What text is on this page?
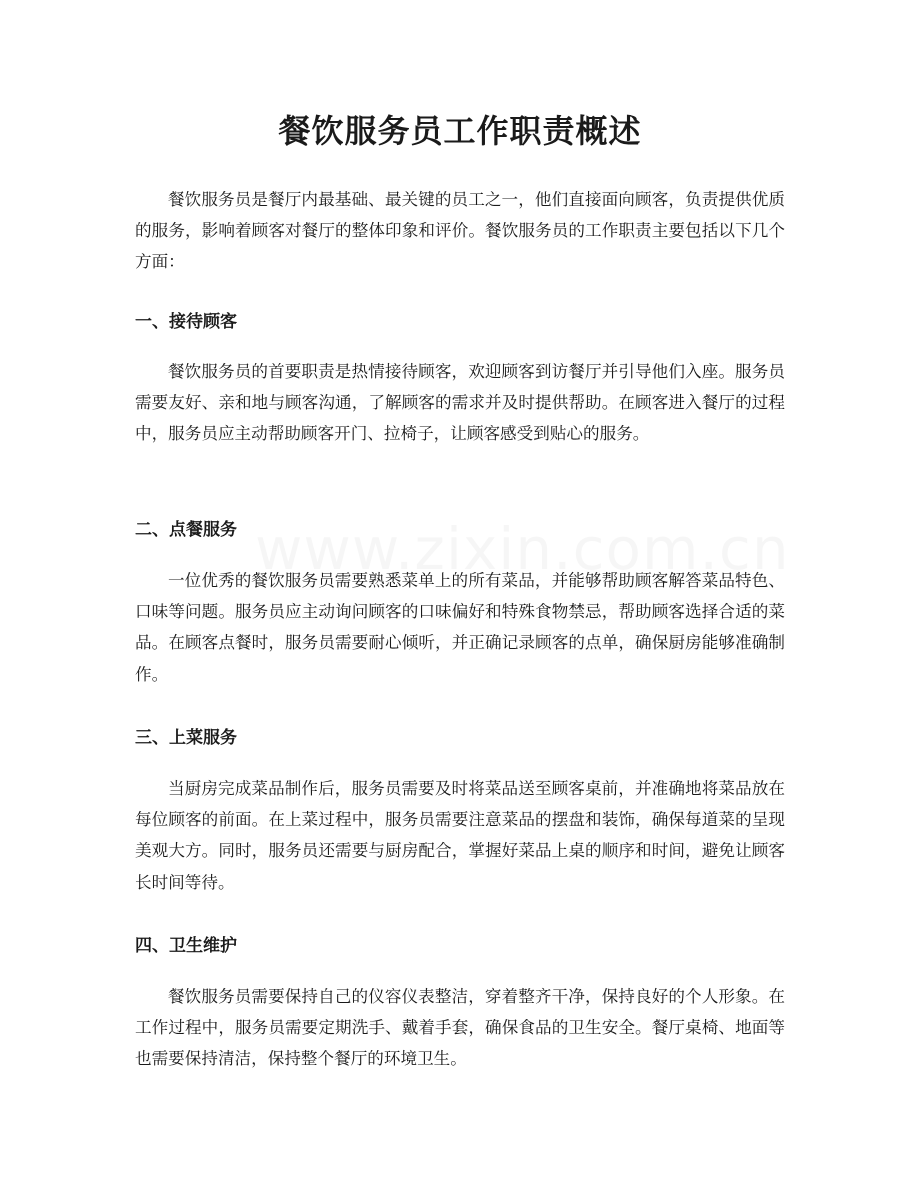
餐饮服务员工作职责概述

餐饮服务员是餐厅内最基础、最关键的员工之一，他们直接面向顾客，负责提供优质的服务，影响着顾客对餐厅的整体印象和评价。餐饮服务员的工作职责主要包括以下几个方面：

一、接待顾客

餐饮服务员的首要职责是热情接待顾客，欢迎顾客到访餐厅并引导他们入座。服务员需要友好、亲和地与顾客沟通，了解顾客的需求并及时提供帮助。在顾客进入餐厅的过程中，服务员应主动帮助顾客开门、拉椅子，让顾客感受到贴心的服务。

二、点餐服务

一位优秀的餐饮服务员需要熟悉菜单上的所有菜品，并能够帮助顾客解答菜品特色、口味等问题。服务员应主动询问顾客的口味偏好和特殊食物禁忌，帮助顾客选择合适的菜品。在顾客点餐时，服务员需要耐心倾听，并正确记录顾客的点单，确保厨房能够准确制作。

三、上菜服务

当厨房完成菜品制作后，服务员需要及时将菜品送至顾客桌前，并准确地将菜品放在每位顾客的前面。在上菜过程中，服务员需要注意菜品的摆盘和装饰，确保每道菜的呈现美观大方。同时，服务员还需要与厨房配合，掌握好菜品上桌的顺序和时间，避免让顾客长时间等待。

四、卫生维护

餐饮服务员需要保持自己的仪容仪表整洁，穿着整齐干净，保持良好的个人形象。在工作过程中，服务员需要定期洗手、戴着手套，确保食品的卫生安全。餐厅桌椅、地面等也需要保持清洁，保持整个餐厅的环境卫生。
